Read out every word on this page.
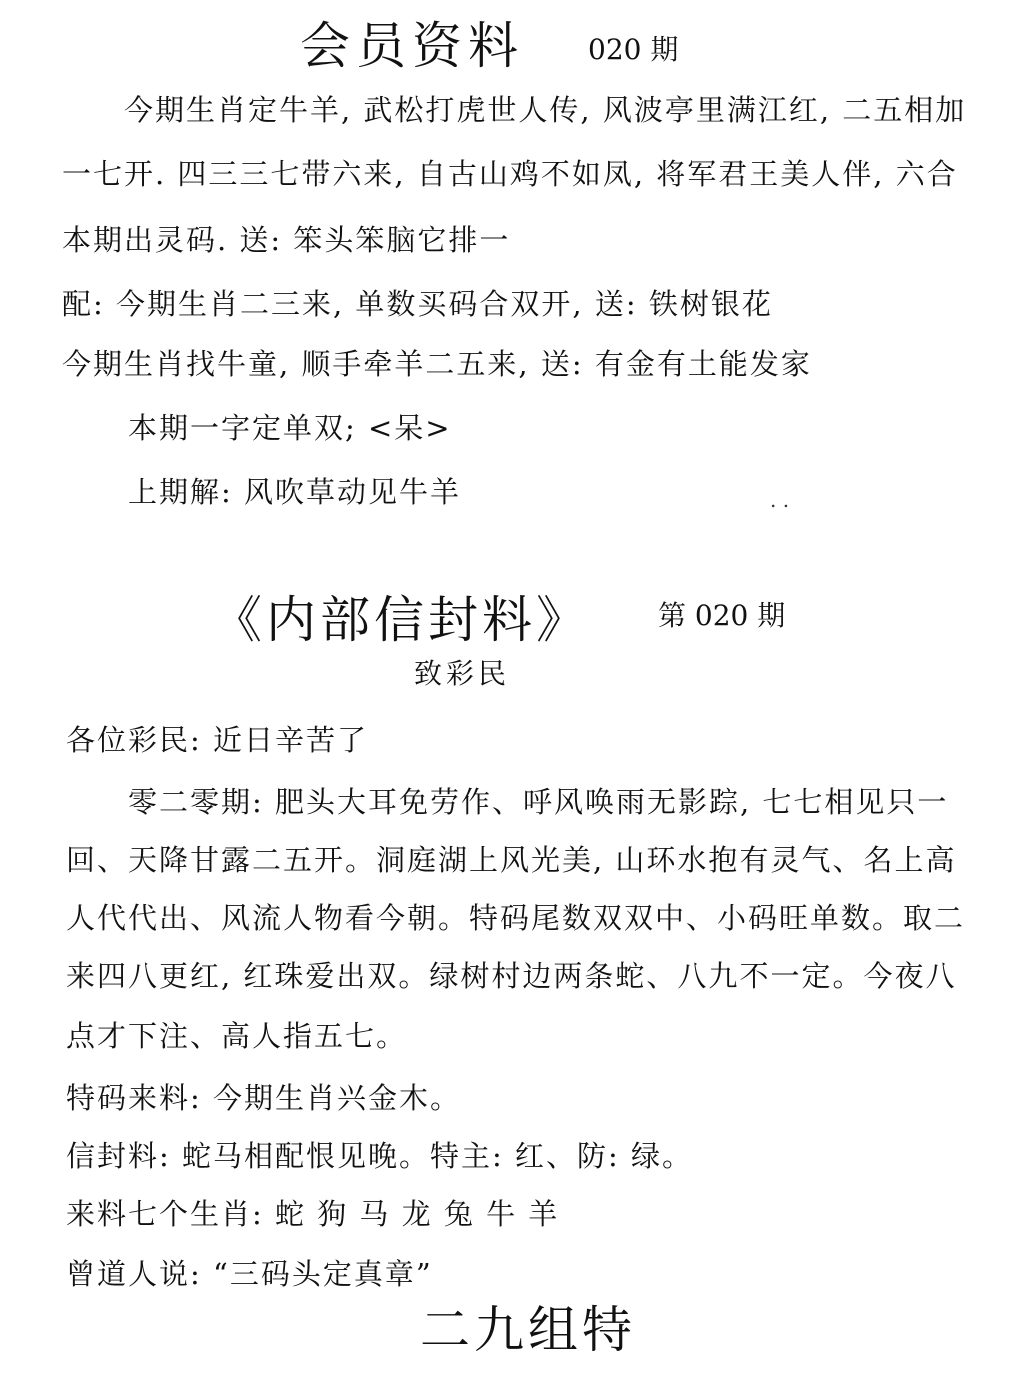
会员资料 020 期
今期生肖定牛羊, 武松打虎世人传, 风波亭里满江红, 二五相加
一七开. 四三三七带六来, 自古山鸡不如凤, 将军君王美人伴, 六合
本期出灵码. 送: 笨头笨脑它排一
配: 今期生肖二三来, 单数买码合双开, 送: 铁树银花
今期生肖找牛童, 顺手牵羊二五来, 送: 有金有土能发家
本期一字定单双; <呆>
上期解: 风吹草动见牛羊	. .
《内部信封料》 第 020 期
致彩民
各位彩民: 近日辛苦了
零二零期: 肥头大耳免劳作、呼风唤雨无影踪, 七七相见只一
回、天降甘露二五开。洞庭湖上风光美, 山环水抱有灵气、名上高
人代代出、风流人物看今朝。特码尾数双双中、小码旺单数。取二
来四八更红, 红珠爱出双。绿树村边两条蛇、八九不一定。今夜八
点才下注、高人指五七。
特码来料: 今期生肖兴金木。
信封料: 蛇马相配恨见晚。特主: 红、防: 绿。
来料七个生肖: 蛇 狗 马 龙 兔 牛 羊
曾道人说: “三码头定真章”
二九组特
